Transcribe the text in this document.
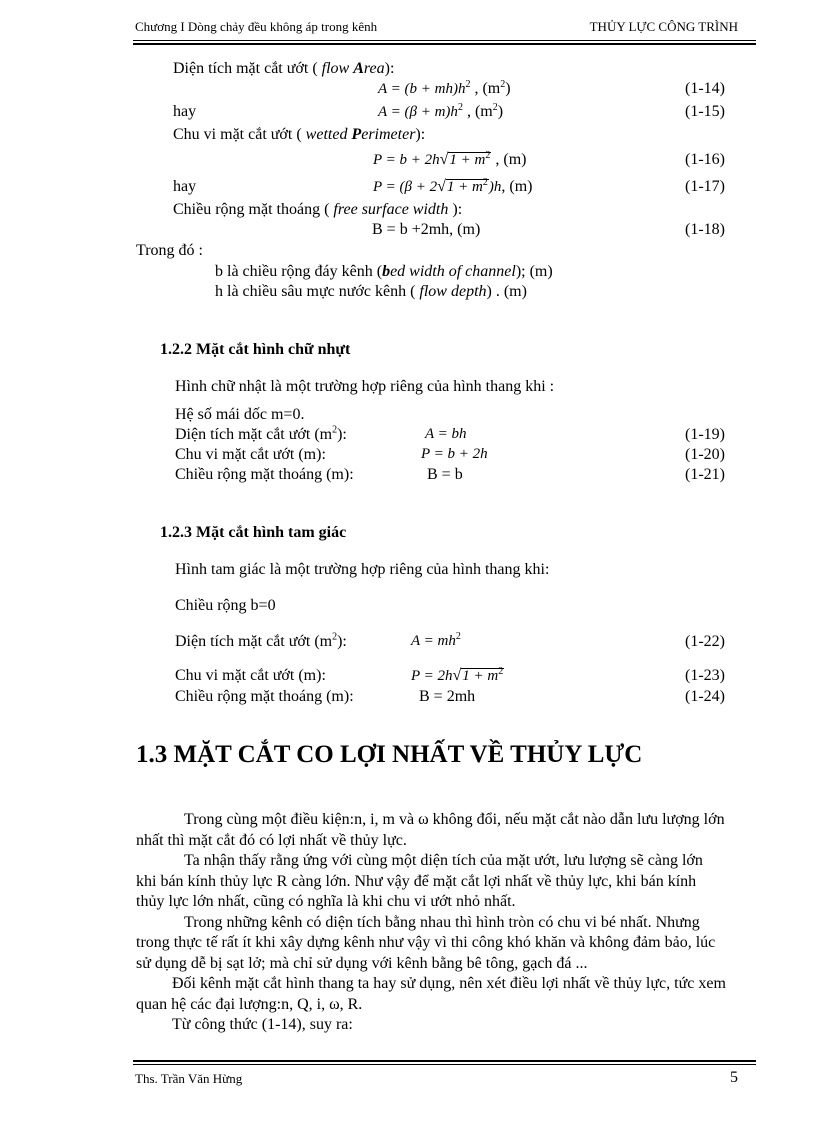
Chương I Dòng chảy đều không áp trong kênh	THỦY LỰC CÔNG TRÌNH
Diện tích mặt cắt ướt ( flow Area):
$A = (b + mh)h^2$ , $(m^2)$	(1-14)
hay	$A = (\beta + m)h^2$ , $(m^2)$	(1-15)
Chu vi mặt cắt ướt ( wetted Perimeter):
$P = b + 2h√1 + m^2$ , (m)	(1-16)
hay	$P = (\beta + 2√1 + m^2)h$, (m)	(1-17)
Chiều rộng mặt thoáng ( free surface width ):
B = b +2mh, (m)	(1-18)
Trong đó :
b là chiều rộng đáy kênh (bed width of channel); (m)
h là chiều sâu mực nước kênh ( flow depth) . (m)
1.2.2 Mặt cắt hình chữ nhựt
Hình chữ nhật là một trường hợp riêng của hình thang khi :
Hệ số mái dốc m=0.
Diện tích mặt cắt ướt $(m^2)$:	A = bh	(1-19)
Chu vi mặt cắt ướt (m):	P = b + 2h	(1-20)
Chiều rộng mặt thoáng (m):	B = b	(1-21)
1.2.3 Mặt cắt hình tam giác
Hình tam giác là một trường hợp riêng của hình thang khi:
Chiều rộng b=0
Diện tích mặt cắt ướt $(m^2)$:	$A = mh^2$	(1-22)
Chu vi mặt cắt ướt (m):	$P = 2h√1 + m^2$	(1-23)
Chiều rộng mặt thoáng (m):	B = 2mh	(1-24)
1.3 MẶT CẮT CO LỢI NHẤT VỀ THỦY LỰC

Trong cùng một điều kiện:n, i, m và ω không đổi, nếu mặt cắt nào dẫn lưu lượng lớn nhất thì mặt cắt đó có lợi nhất về thủy lực.

Ta nhận thấy rằng ứng với cùng một diện tích của mặt ướt, lưu lượng sẽ càng lớn khi bán kính thủy lực R càng lớn. Như vậy để mặt cắt lợi nhất về thủy lực, khi bán kính thủy lực lớn nhất, cũng có nghĩa là khi chu vi ướt nhỏ nhất.

Trong những kênh có diện tích bằng nhau thì hình tròn có chu vi bé nhất. Nhưng trong thực tế rất ít khi xây dựng kênh như vậy vì thi công khó khăn và không đảm bảo, lúc sử dụng dễ bị sạt lở; mà chỉ sử dụng với kênh bằng bê tông, gạch đá ...

Đối kênh mặt cắt hình thang ta hay sử dụng, nên xét điều lợi nhất về thủy lực, tức xem quan hệ các đại lượng:n, Q, i, ω, R.

Từ công thức (1-14), suy ra:

Ths. Trần Văn Hừng	5
